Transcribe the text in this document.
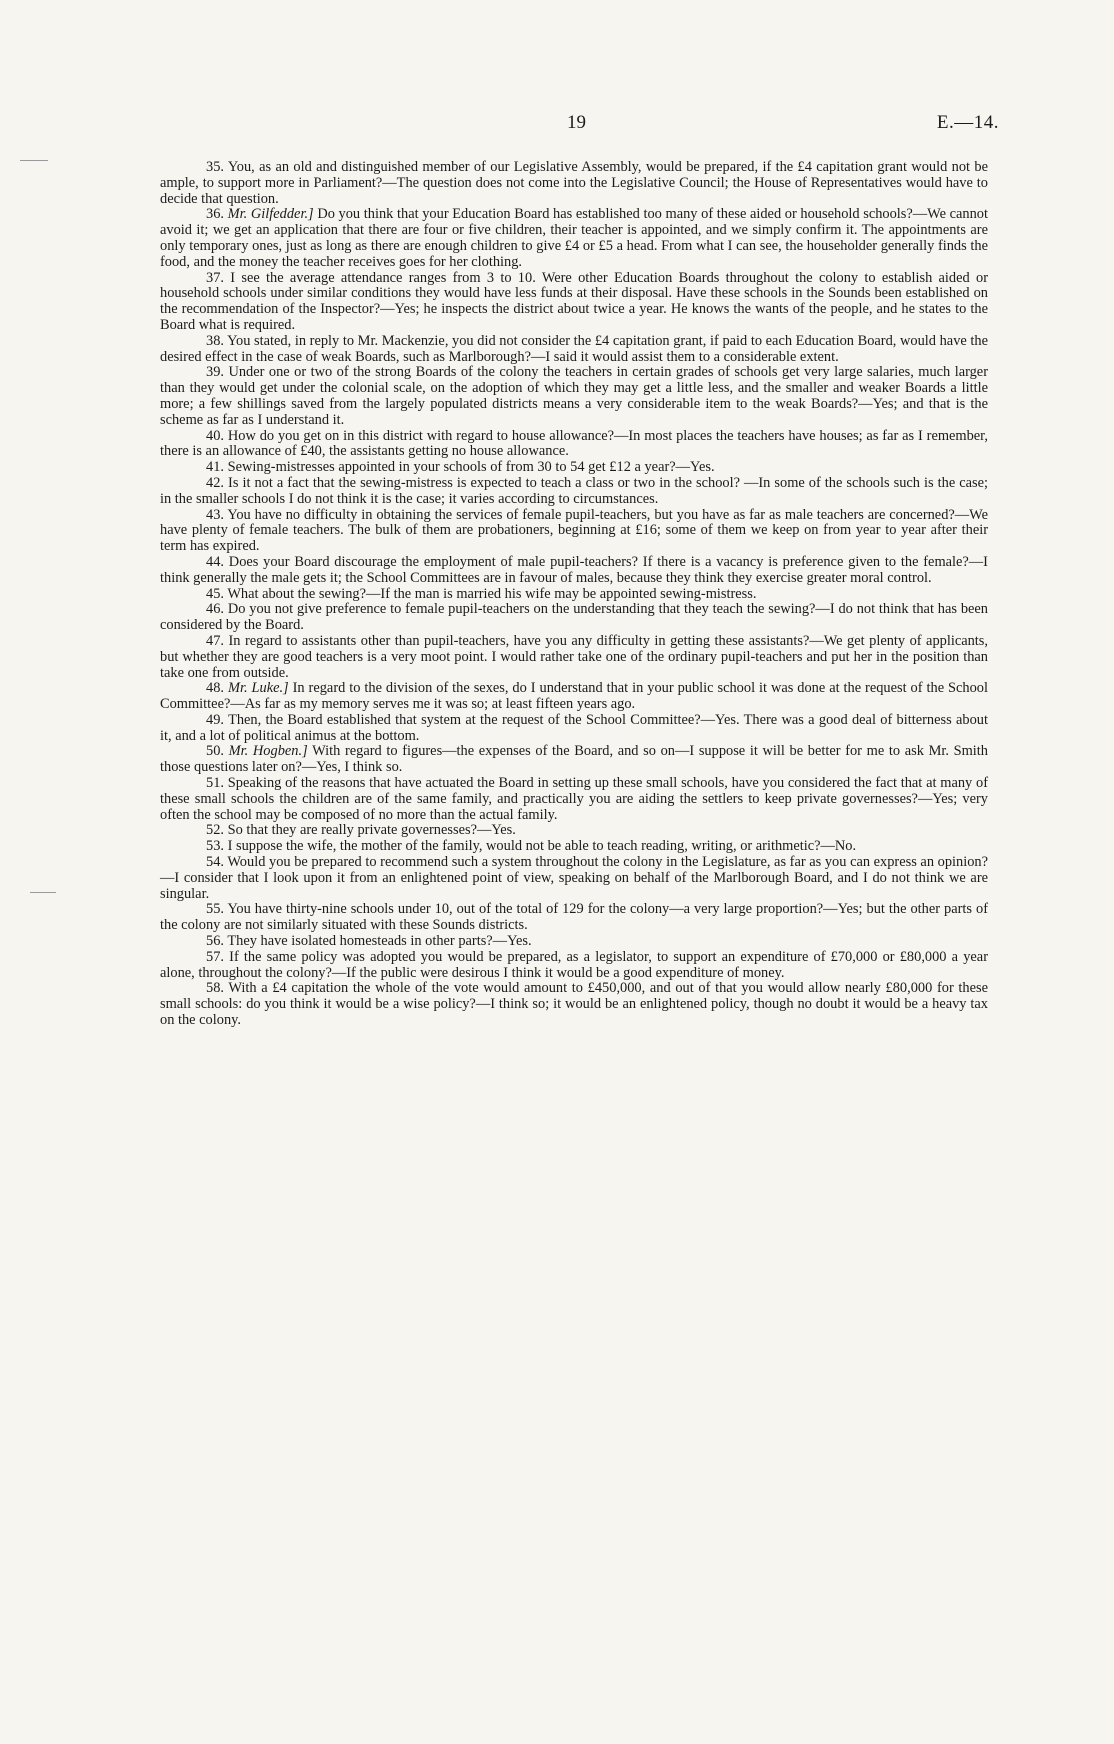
19	E.—14.

35. You, as an old and distinguished member of our Legislative Assembly, would be prepared, if the £4 capitation grant would not be ample, to support more in Parliament?—The question does not come into the Legislative Council; the House of Representatives would have to decide that question.

36. Mr. Gilfedder.] Do you think that your Education Board has established too many of these aided or household schools?—We cannot avoid it; we get an application that there are four or five children, their teacher is appointed, and we simply confirm it. The appointments are only temporary ones, just as long as there are enough children to give £4 or £5 a head. From what I can see, the householder generally finds the food, and the money the teacher receives goes for her clothing.

37. I see the average attendance ranges from 3 to 10. Were other Education Boards throughout the colony to establish aided or household schools under similar conditions they would have less funds at their disposal. Have these schools in the Sounds been established on the recommendation of the Inspector?—Yes; he inspects the district about twice a year. He knows the wants of the people, and he states to the Board what is required.

38. You stated, in reply to Mr. Mackenzie, you did not consider the £4 capitation grant, if paid to each Education Board, would have the desired effect in the case of weak Boards, such as Marlborough?—I said it would assist them to a considerable extent.

39. Under one or two of the strong Boards of the colony the teachers in certain grades of schools get very large salaries, much larger than they would get under the colonial scale, on the adoption of which they may get a little less, and the smaller and weaker Boards a little more; a few shillings saved from the largely populated districts means a very considerable item to the weak Boards?—Yes; and that is the scheme as far as I understand it.

40. How do you get on in this district with regard to house allowance?—In most places the teachers have houses; as far as I remember, there is an allowance of £40, the assistants getting no house allowance.

41. Sewing-mistresses appointed in your schools of from 30 to 54 get £12 a year?—Yes.

42. Is it not a fact that the sewing-mistress is expected to teach a class or two in the school? —In some of the schools such is the case; in the smaller schools I do not think it is the case; it varies according to circumstances.

43. You have no difficulty in obtaining the services of female pupil-teachers, but you have as far as male teachers are concerned?—We have plenty of female teachers. The bulk of them are probationers, beginning at £16; some of them we keep on from year to year after their term has expired.

44. Does your Board discourage the employment of male pupil-teachers? If there is a vacancy is preference given to the female?—I think generally the male gets it; the School Committees are in favour of males, because they think they exercise greater moral control.

45. What about the sewing?—If the man is married his wife may be appointed sewing-mistress.

46. Do you not give preference to female pupil-teachers on the understanding that they teach the sewing?—I do not think that has been considered by the Board.

47. In regard to assistants other than pupil-teachers, have you any difficulty in getting these assistants?—We get plenty of applicants, but whether they are good teachers is a very moot point. I would rather take one of the ordinary pupil-teachers and put her in the position than take one from outside.

48. Mr. Luke.] In regard to the division of the sexes, do I understand that in your public school it was done at the request of the School Committee?—As far as my memory serves me it was so; at least fifteen years ago.

49. Then, the Board established that system at the request of the School Committee?—Yes. There was a good deal of bitterness about it, and a lot of political animus at the bottom.

50. Mr. Hogben.] With regard to figures—the expenses of the Board, and so on—I suppose it will be better for me to ask Mr. Smith those questions later on?—Yes, I think so.

51. Speaking of the reasons that have actuated the Board in setting up these small schools, have you considered the fact that at many of these small schools the children are of the same family, and practically you are aiding the settlers to keep private governesses?—Yes; very often the school may be composed of no more than the actual family.

52. So that they are really private governesses?—Yes.

53. I suppose the wife, the mother of the family, would not be able to teach reading, writing, or arithmetic?—No.

54. Would you be prepared to recommend such a system throughout the colony in the Legislature, as far as you can express an opinion?—I consider that I look upon it from an enlightened point of view, speaking on behalf of the Marlborough Board, and I do not think we are singular.

55. You have thirty-nine schools under 10, out of the total of 129 for the colony—a very large proportion?—Yes; but the other parts of the colony are not similarly situated with these Sounds districts.

56. They have isolated homesteads in other parts?—Yes.

57. If the same policy was adopted you would be prepared, as a legislator, to support an expenditure of £70,000 or £80,000 a year alone, throughout the colony?—If the public were desirous I think it would be a good expenditure of money.

58. With a £4 capitation the whole of the vote would amount to £450,000, and out of that you would allow nearly £80,000 for these small schools: do you think it would be a wise policy?—I think so; it would be an enlightened policy, though no doubt it would be a heavy tax on the colony.
